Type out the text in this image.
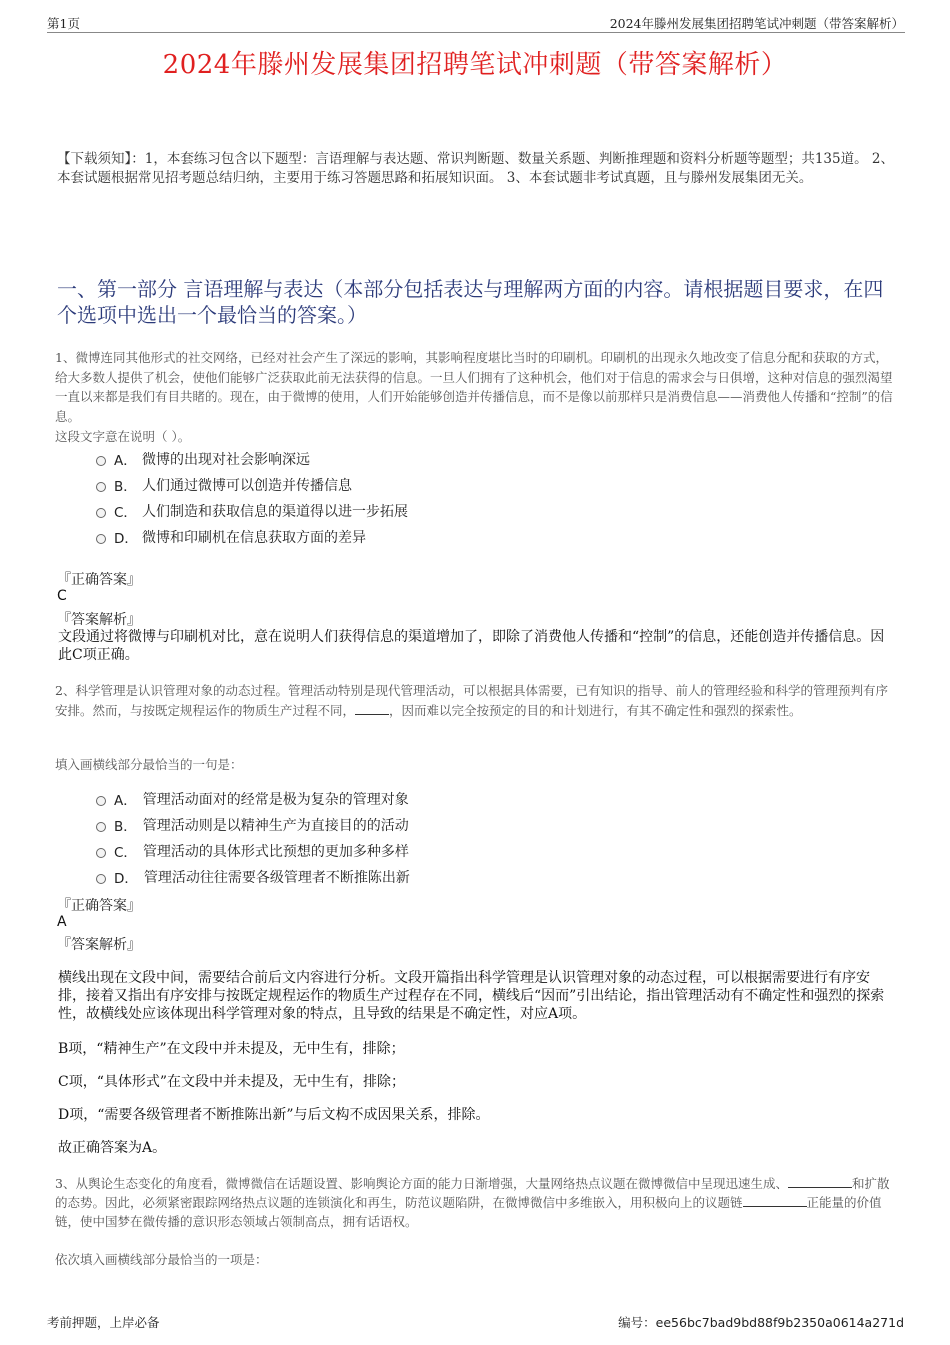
第1页	2024年滕州发展集团招聘笔试冲刺题（带答案解析）
2024年滕州发展集团招聘笔试冲刺题（带答案解析）
【下载须知】：1，本套练习包含以下题型：言语理解与表达题、常识判断题、数量关系题、判断推理题和资料分析题等题型；共135道。 2、本套试题根据常见招考题总结归纳，主要用于练习答题思路和拓展知识面。 3、本套试题非考试真题，且与滕州发展集团无关。
一、第一部分 言语理解与表达（本部分包括表达与理解两方面的内容。请根据题目要求，在四个选项中选出一个最恰当的答案。）
1、微博连同其他形式的社交网络，已经对社会产生了深远的影响，其影响程度堪比当时的印刷机。印刷机的出现永久地改变了信息分配和获取的方式，给大多数人提供了机会，使他们能够广泛获取此前无法获得的信息。一旦人们拥有了这种机会，他们对于信息的需求会与日俱增，这种对信息的强烈渴望一直以来都是我们有目共睹的。现在，由于微博的使用，人们开始能够创造并传播信息，而不是像以前那样只是消费信息——消费他人传播和“控制”的信息。
这段文字意在说明（ ）。
A． 微博的出现对社会影响深远
B． 人们通过微博可以创造并传播信息
C． 人们制造和获取信息的渠道得以进一步拓展
D． 微博和印刷机在信息获取方面的差异
『正确答案』
C
『答案解析』
文段通过将微博与印刷机对比，意在说明人们获得信息的渠道增加了，即除了消费他人传播和“控制”的信息，还能创造并传播信息。因此C项正确。
2、科学管理是认识管理对象的动态过程。管理活动特别是现代管理活动，可以根据具体需要，已有知识的指导、前人的管理经验和科学的管理预判有序安排。然而，与按既定规程运作的物质生产过程不同，	，因而难以完全按预定的目的和计划进行，有其不确定性和强烈的探索性。
填入画横线部分最恰当的一句是：
A． 管理活动面对的经常是极为复杂的管理对象
B． 管理活动则是以精神生产为直接目的的活动
C． 管理活动的具体形式比预想的更加多种多样
D． 管理活动往往需要各级管理者不断推陈出新
『正确答案』
A
『答案解析』
横线出现在文段中间，需要结合前后文内容进行分析。文段开篇指出科学管理是认识管理对象的动态过程，可以根据需要进行有序安排，接着又指出有序安排与按既定规程运作的物质生产过程存在不同，横线后“因而”引出结论，指出管理活动有不确定性和强烈的探索性，故横线处应该体现出科学管理对象的特点，且导致的结果是不确定性，对应A项。
B项，“精神生产”在文段中并未提及，无中生有，排除；
C项，“具体形式”在文段中并未提及，无中生有，排除；
D项，“需要各级管理者不断推陈出新”与后文构不成因果关系，排除。
故正确答案为A。
3、从舆论生态变化的角度看，微博微信在话题设置、影响舆论方面的能力日渐增强，大量网络热点议题在微博微信中呈现迅速生成、	和扩散的态势。因此，必须紧密跟踪网络热点议题的连锁演化和再生，防范议题陷阱，在微博微信中多维嵌入，用积极向上的议题链	正能量的价值链，使中国梦在微传播的意识形态领域占领制高点，拥有话语权。
依次填入画横线部分最恰当的一项是：
考前押题，上岸必备	编号：ee56bc7bad9bd88f9b2350a0614a271d
